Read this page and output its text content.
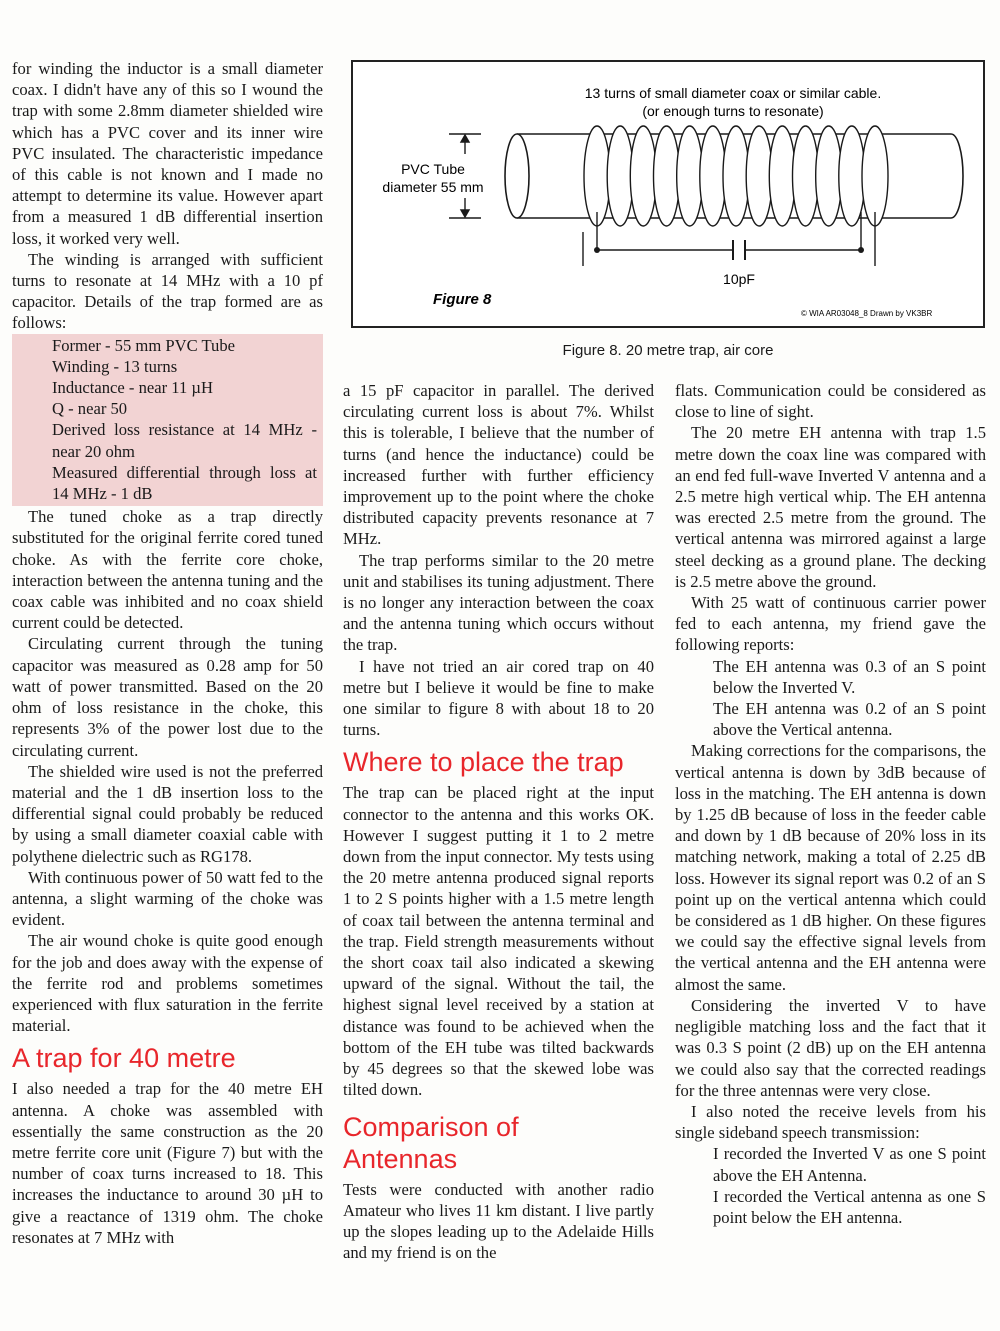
for winding the inductor is a small diameter coax. I didn't have any of this so I wound the trap with some 2.8mm diameter shielded wire which has a PVC cover and its inner wire PVC insulated. The characteristic impedance of this cable is not known and I made no attempt to determine its value. However apart from a measured 1 dB differential insertion loss, it worked very well.

The winding is arranged with sufficient turns to resonate at 14 MHz with a 10 pf capacitor. Details of the trap formed are as follows:

Former - 55 mm PVC Tube
Winding - 13 turns
Inductance - near 11 µH
Q - near 50
Derived loss resistance at 14 MHz - near 20 ohm
Measured differential through loss at 14 MHz - 1 dB

The tuned choke as a trap directly substituted for the original ferrite cored tuned choke. As with the ferrite core choke, interaction between the antenna tuning and the coax cable was inhibited and no coax shield current could be detected.

Circulating current through the tuning capacitor was measured as 0.28 amp for 50 watt of power transmitted. Based on the 20 ohm of loss resistance in the choke, this represents 3% of the power lost due to the circulating current.

The shielded wire used is not the preferred material and the 1 dB insertion loss to the differential signal could probably be reduced by using a small diameter coaxial cable with polythene dielectric such as RG178.

With continuous power of 50 watt fed to the antenna, a slight warming of the choke was evident.

The air wound choke is quite good enough for the job and does away with the expense of the ferrite rod and problems sometimes experienced with flux saturation in the ferrite material.

A trap for 40 metre

I also needed a trap for the 40 metre EH antenna. A choke was assembled with essentially the same construction as the 20 metre ferrite core unit (Figure 7) but with the number of coax turns increased to 18. This increases the inductance to around 30 µH to give a reactance of 1319 ohm. The choke resonates at 7 MHz with

13 turns of small diameter coax or similar cable.
(or enough turns to resonate)
PVC Tube
diameter 55 mm
10pF
Figure 8
© WIA AR03048_8 Drawn by VK3BR
Figure 8. 20 metre trap, air core

a 15 pF capacitor in parallel. The derived circulating current loss is about 7%. Whilst this is tolerable, I believe that the number of turns (and hence the inductance) could be increased further with further efficiency improvement up to the point where the choke distributed capacity prevents resonance at 7 MHz.

The trap performs similar to the 20 metre unit and stabilises its tuning adjustment. There is no longer any interaction between the coax and the antenna tuning which occurs without the trap.

I have not tried an air cored trap on 40 metre but I believe it would be fine to make one similar to figure 8 with about 18 to 20 turns.

Where to place the trap

The trap can be placed right at the input connector to the antenna and this works OK. However I suggest putting it 1 to 2 metre down from the input connector. My tests using the 20 metre antenna produced signal reports 1 to 2 S points higher with a 1.5 metre length of coax tail between the antenna terminal and the trap. Field strength measurements without the short coax tail also indicated a skewing upward of the signal. Without the tail, the highest signal level received by a station at distance was found to be achieved when the bottom of the EH tube was tilted backwards by 45 degrees so that the skewed lobe was tilted down.

Comparison of
Antennas

Tests were conducted with another radio Amateur who lives 11 km distant. I live partly up the slopes leading up to the Adelaide Hills and my friend is on the

flats. Communication could be considered as close to line of sight.

The 20 metre EH antenna with trap 1.5 metre down the coax line was compared with an end fed full-wave Inverted V antenna and a 2.5 metre high vertical whip. The EH antenna was erected 2.5 metre from the ground. The vertical antenna was mirrored against a large steel decking as a ground plane. The decking is 2.5 metre above the ground.

With 25 watt of continuous carrier power fed to each antenna, my friend gave the following reports:

The EH antenna was 0.3 of an S point below the Inverted V.

The EH antenna was 0.2 of an S point above the Vertical antenna.

Making corrections for the comparisons, the vertical antenna is down by 3dB because of loss in the matching. The EH antenna is down by 1.25 dB because of loss in the feeder cable and down by 1 dB because of 20% loss in its matching network, making a total of 2.25 dB loss. However its signal report was 0.2 of an S point up on the vertical antenna which could be considered as 1 dB higher. On these figures we could say the effective signal levels from the vertical antenna and the EH antenna were almost the same.

Considering the inverted V to have negligible matching loss and the fact that it was 0.3 S point (2 dB) up on the EH antenna we could also say that the corrected readings for the three antennas were very close.

I also noted the receive levels from his single sideband speech transmission:

I recorded the Inverted V as one S point above the EH Antenna.

I recorded the Vertical antenna as one S point below the EH antenna.
